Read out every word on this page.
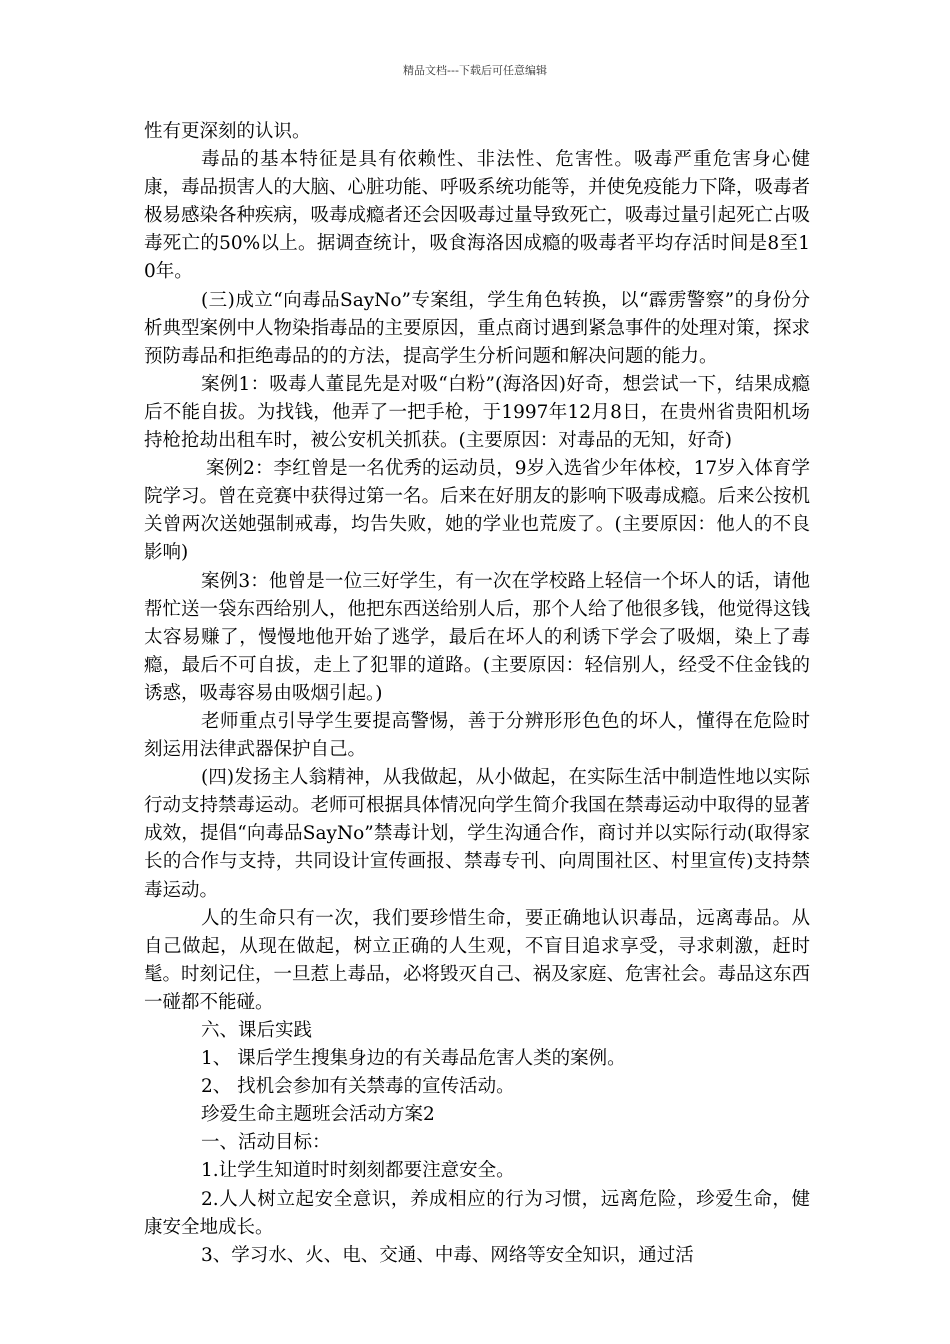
精品文档---下载后可任意编辑

性有更深刻的认识。

毒品的基本特征是具有依赖性、非法性、危害性。吸毒严重危害身心健康，毒品损害人的大脑、心脏功能、呼吸系统功能等，并使免疫能力下降，吸毒者极易感染各种疾病，吸毒成瘾者还会因吸毒过量导致死亡，吸毒过量引起死亡占吸毒死亡的50%以上。据调查统计，吸食海洛因成瘾的吸毒者平均存活时间是8至10年。

(三)成立“向毒品SayNo”专案组，学生角色转换，以“霹雳警察”的身份分析典型案例中人物染指毒品的主要原因，重点商讨遇到紧急事件的处理对策，探求预防毒品和拒绝毒品的的方法，提高学生分析问题和解决问题的能力。

案例1：吸毒人董昆先是对吸“白粉”(海洛因)好奇，想尝试一下，结果成瘾后不能自拔。为找钱，他弄了一把手枪，于1997年12月8日，在贵州省贵阳机场持枪抢劫出租车时，被公安机关抓获。(主要原因：对毒品的无知，好奇)

案例2：李红曾是一名优秀的运动员，9岁入选省少年体校，17岁入体育学院学习。曾在竞赛中获得过第一名。后来在好朋友的影响下吸毒成瘾。后来公按机关曾两次送她强制戒毒，均告失败，她的学业也荒废了。(主要原因：他人的不良影响)

案例3：他曾是一位三好学生，有一次在学校路上轻信一个坏人的话，请他帮忙送一袋东西给别人，他把东西送给别人后，那个人给了他很多钱，他觉得这钱太容易赚了，慢慢地他开始了逃学，最后在坏人的利诱下学会了吸烟，染上了毒瘾，最后不可自拔，走上了犯罪的道路。(主要原因：轻信别人，经受不住金钱的诱惑，吸毒容易由吸烟引起。)

老师重点引导学生要提高警惕，善于分辨形形色色的坏人，懂得在危险时刻运用法律武器保护自己。

(四)发扬主人翁精神，从我做起，从小做起，在实际生活中制造性地以实际行动支持禁毒运动。老师可根据具体情况向学生简介我国在禁毒运动中取得的显著成效，提倡“向毒品SayNo”禁毒计划，学生沟通合作，商讨并以实际行动(取得家长的合作与支持，共同设计宣传画报、禁毒专刊、向周围社区、村里宣传)支持禁毒运动。

人的生命只有一次，我们要珍惜生命，要正确地认识毒品，远离毒品。从自己做起，从现在做起，树立正确的人生观，不盲目追求享受，寻求刺激，赶时髦。时刻记住，一旦惹上毒品，必将毁灭自己、祸及家庭、危害社会。毒品这东西一碰都不能碰。

六、课后实践

1、 课后学生搜集身边的有关毒品危害人类的案例。

2、 找机会参加有关禁毒的宣传活动。

珍爱生命主题班会活动方案2

一、活动目标：

1.让学生知道时时刻刻都要注意安全。

2.人人树立起安全意识，养成相应的行为习惯，远离危险，珍爱生命，健康安全地成长。

3、学习水、火、电、交通、中毒、网络等安全知识，通过活
